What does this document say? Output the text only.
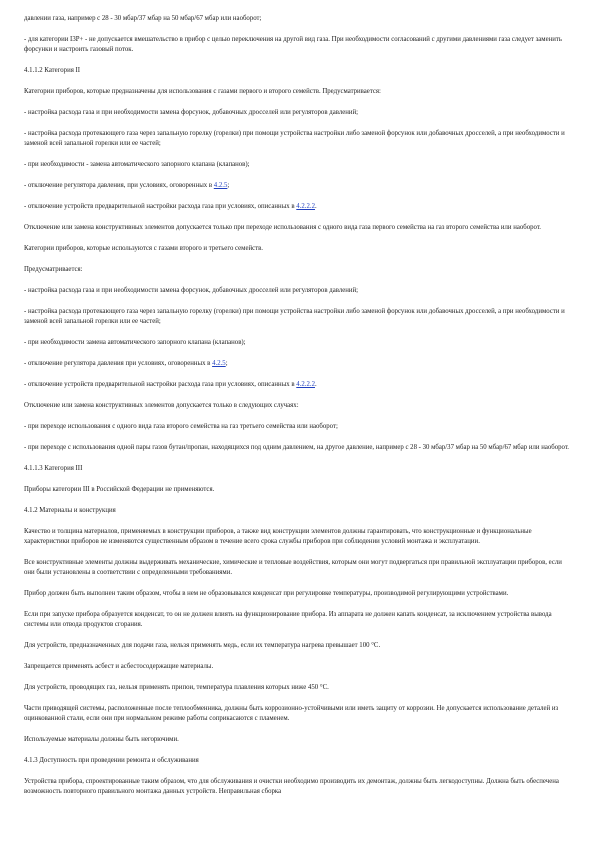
давлении газа, например с 28 - 30 мбар/37 мбар на 50 мбар/67 мбар или наоборот;
- для категории I3P+ - не допускается вмешательство в прибор с целью переключения на другой вид газа. При необходимости согласований с другими давлениями газа следует заменить форсунки и настроить газовый поток.
4.1.1.2 Категория II
Категории приборов, которые предназначены для использования с газами первого и второго семейств. Предусматривается:
- настройка расхода газа и при необходимости замена форсунок, добавочных дросселей или регуляторов давлений;
- настройка расхода протекающего газа через запальную горелку (горелки) при помощи устройства настройки либо заменой форсунок или добавочных дросселей, а при необходимости и заменой всей запальной горелки или ее частей;
- при необходимости - замена автоматического запорного клапана (клапанов);
- отключение регулятора давления, при условиях, оговоренных в 4.2.5;
- отключение устройств предварительной настройки расхода газа при условиях, описанных в 4.2.2.2.
Отключение или замена конструктивных элементов допускается только при переходе использования с одного вида газа первого семейства на газ второго семейства или наоборот.
Категории приборов, которые используются с газами второго и третьего семейств.
Предусматривается:
- настройка расхода газа и при необходимости замена форсунок, добавочных дросселей или регуляторов давлений;
- настройка расхода протекающего газа через запальную горелку (горелки) при помощи устройства настройки либо заменой форсунок или добавочных дросселей, а при необходимости и заменой всей запальной горелки или ее частей;
- при необходимости замена автоматического запорного клапана (клапанов);
- отключение регулятора давления при условиях, оговоренных в 4.2.5;
- отключение устройств предварительной настройки расхода газа при условиях, описанных в 4.2.2.2.
Отключение или замена конструктивных элементов допускается только в следующих случаях:
- при переходе использования с одного вида газа второго семейства на газ третьего семейства или наоборот;
- при переходе с использования одной пары газов бутан/пропан, находящихся под одним давлением, на другое давление, например с 28 - 30 мбар/37 мбар на 50 мбар/67 мбар или наоборот.
4.1.1.3 Категория III
Приборы категории III в Российской Федерации не применяются.
4.1.2 Материалы и конструкция
Качество и толщина материалов, применяемых в конструкции приборов, а также вид конструкции элементов должны гарантировать, что конструкционные и функциональные характеристики приборов не изменяются существенным образом в течение всего срока службы приборов при соблюдении условий монтажа и эксплуатации.
Все конструктивные элементы должны выдерживать механические, химические и тепловые воздействия, которым они могут подвергаться при правильной эксплуатации приборов, если они были установлены в соответствии с определенными требованиями.
Прибор должен быть выполнен таким образом, чтобы в нем не образовывался конденсат при регулировке температуры, производимой регулирующими устройствами.
Если при запуске прибора образуется конденсат, то он не должен влиять на функционирование прибора. Из аппарата не должен капать конденсат, за исключением устройства вывода системы или отвода продуктов сгорания.
Для устройств, предназначенных для подачи газа, нельзя применять медь, если их температура нагрева превышает 100 °С.
Запрещается применять асбест и асбестосодержащие материалы.
Для устройств, проводящих газ, нельзя применять припои, температура плавления которых ниже 450 °С.
Части приводящей системы, расположенные после теплообменника, должны быть коррозионно-устойчивыми или иметь защиту от коррозии. Не допускается использование деталей из оцинкованной стали, если они при нормальном режиме работы соприкасаются с пламенем.
Используемые материалы должны быть негорючими.
4.1.3 Доступность при проведении ремонта и обслуживания
Устройства прибора, спроектированные таким образом, что для обслуживания и очистки необходимо производить их демонтаж, должны быть легкодоступны. Должна быть обеспечена возможность повторного правильного монтажа данных устройств. Неправильная сборка
